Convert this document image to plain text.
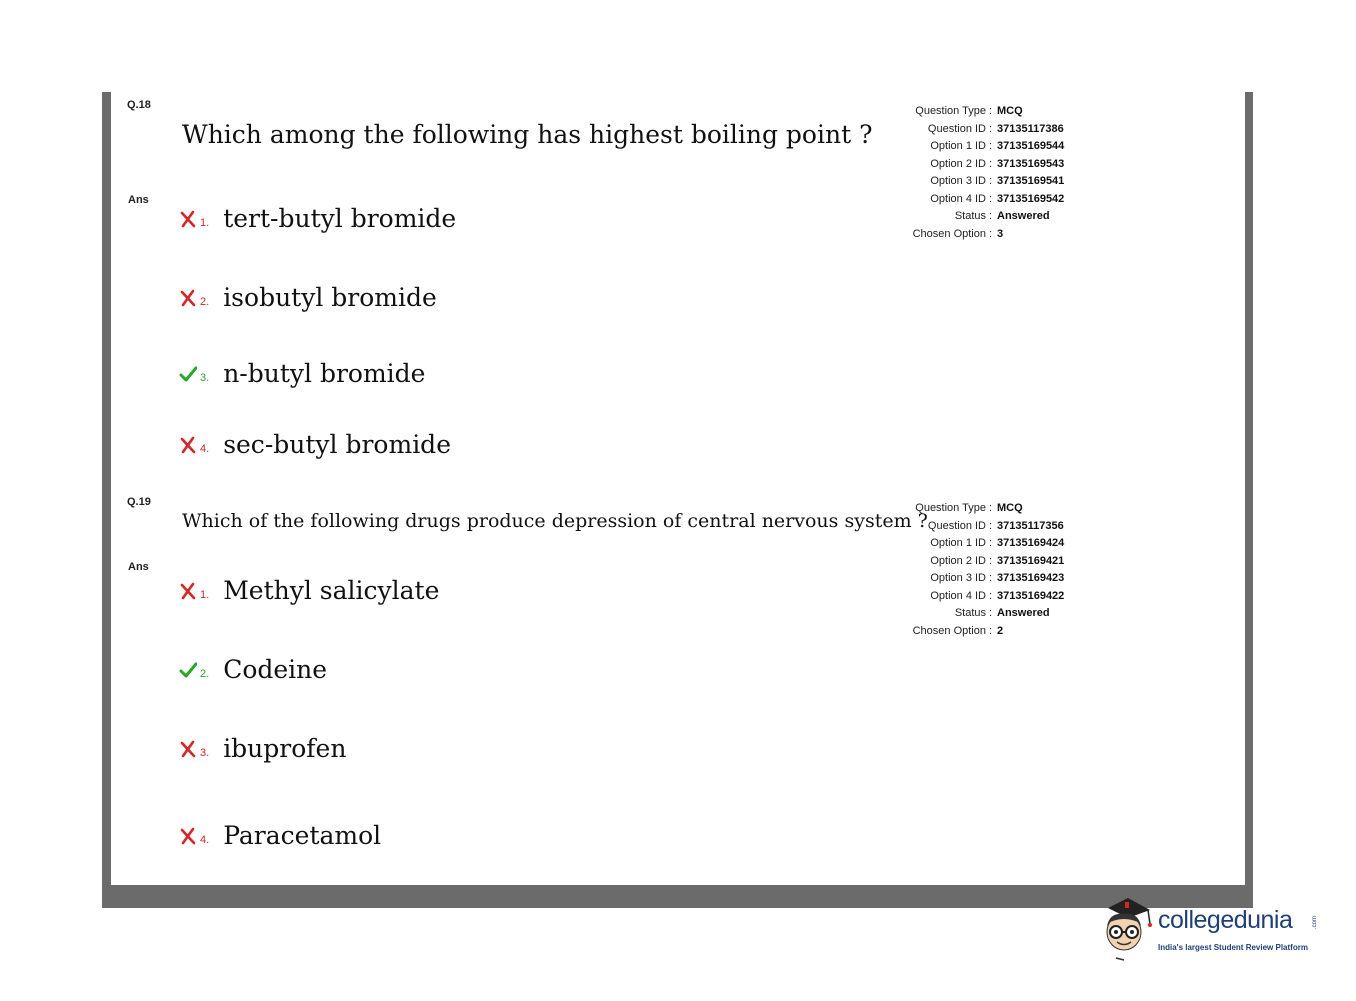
Q.18
Ans
Which among the following has highest boiling point ?
1. tert-butyl bromide
2. isobutyl bromide
3. n-butyl bromide
4. sec-butyl bromide
Question Type : MCQ
Question ID : 37135117386
Option 1 ID : 37135169544
Option 2 ID : 37135169543
Option 3 ID : 37135169541
Option 4 ID : 37135169542
Status : Answered
Chosen Option : 3
Q.19
Ans
Which of the following drugs produce depression of central nervous system ?
1. Methyl salicylate
2. Codeine
3. ibuprofen
4. Paracetamol
Question Type : MCQ
Question ID : 37135117356
Option 1 ID : 37135169424
Option 2 ID : 37135169421
Option 3 ID : 37135169423
Option 4 ID : 37135169422
Status : Answered
Chosen Option : 2
collegedunia	.com
India's largest Student Review Platform
